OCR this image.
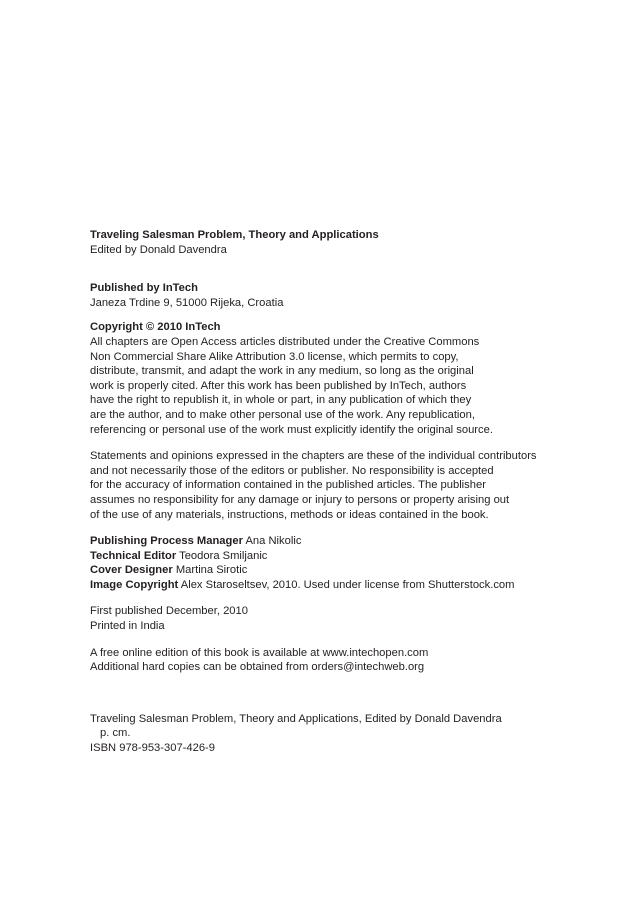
Traveling Salesman Problem, Theory and Applications
Edited by Donald Davendra
Published by InTech
Janeza Trdine 9, 51000 Rijeka, Croatia
Copyright © 2010 InTech
All chapters are Open Access articles distributed under the Creative Commons
Non Commercial Share Alike Attribution 3.0 license, which permits to copy,
distribute, transmit, and adapt the work in any medium, so long as the original
work is properly cited. After this work has been published by InTech, authors
have the right to republish it, in whole or part, in any publication of which they
are the author, and to make other personal use of the work. Any republication,
referencing or personal use of the work must explicitly identify the original source.
Statements and opinions expressed in the chapters are these of the individual contributors
and not necessarily those of the editors or publisher. No responsibility is accepted
for the accuracy of information contained in the published articles. The publisher
assumes no responsibility for any damage or injury to persons or property arising out
of the use of any materials, instructions, methods or ideas contained in the book.
Publishing Process Manager Ana Nikolic
Technical Editor Teodora Smiljanic
Cover Designer Martina Sirotic
Image Copyright Alex Staroseltsev, 2010. Used under license from Shutterstock.com
First published December, 2010
Printed in India
A free online edition of this book is available at www.intechopen.com
Additional hard copies can be obtained from orders@intechweb.org
Traveling Salesman Problem, Theory and Applications, Edited by Donald Davendra
p. cm.
ISBN 978-953-307-426-9
